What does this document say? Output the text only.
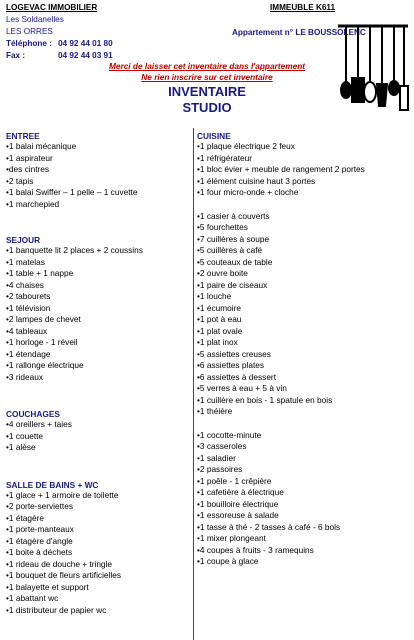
LOGEVAC IMMOBILIER
Les Soldanelles
LES ORRES
Téléphone : 04 92 44 01 80
Fax :	04 92 44 03 91
IMMEUBLE K611
Appartement n° LE BOUSSOLENC
Merci de laisser cet inventaire dans l'appartement
Ne rien inscrire sur cet inventaire
INVENTAIRE
STUDIO
ENTREE
•1 balai mécanique
•1 aspirateur
•des cintres
•2 tapis
•1 balai Swiffer – 1 pelle – 1 cuvette
•1 marchepied
SEJOUR
•1 banquette lit 2 places + 2 coussins
•1 matelas
•1 table + 1 nappe
•4 chaises
•2 tabourets
•1 télévision
•2 lampes de chevet
•4 tableaux
•1 horloge - 1 réveil
•1 étendage
•1 rallonge électrique
•3 rideaux
COUCHAGES
•4 oreillers + taies
•1 couette
•1 alèse
SALLE DE BAINS + WC
•1 glace + 1 armoire de toilette
•2 porte-serviettes
•1 étagère
•1 porte-manteaux
•1 étagère d'angle
•1 boite à déchets
•1 rideau de douche + tringle
•1 bouquet de fleurs artificielles
•1 balayette et support
•1 abattant wc
•1 distributeur de papier wc
CUISINE
•1 plaque électrique 2 feux
•1 réfrigérateur
•1 bloc évier + meuble de rangement 2 portes
•1 élément cuisine haut 3 portes
•1 four micro-onde + cloche
•1 casier à couverts
•5 fourchettes
•7 cuillères à soupe
•5 cuillères à café
•5 couteaux de table
•2 ouvre boite
•1 paire de ciseaux
•1 louche
•1 écumoire
•1 pot à eau
•1 plat ovale
•1 plat inox
•5 assiettes creuses
•6 assiettes plates
•6 assiettes à dessert
•5 verres à eau + 5 à vin
•1 cuillère en bois - 1 spatule en bois
•1 théière
•1 cocotte-minute
•3 casseroles
•1 saladier
•2 passoires
•1 poêle - 1 crêpière
•1 cafetière à électrique
•1 bouilloire électrique
•1 essoreuse à salade
•1 tasse à thé - 2 tasses à café - 6 bols
•1 mixer plongeant
•4 coupes à fruits - 3 ramequins
•1 coupe à glace
